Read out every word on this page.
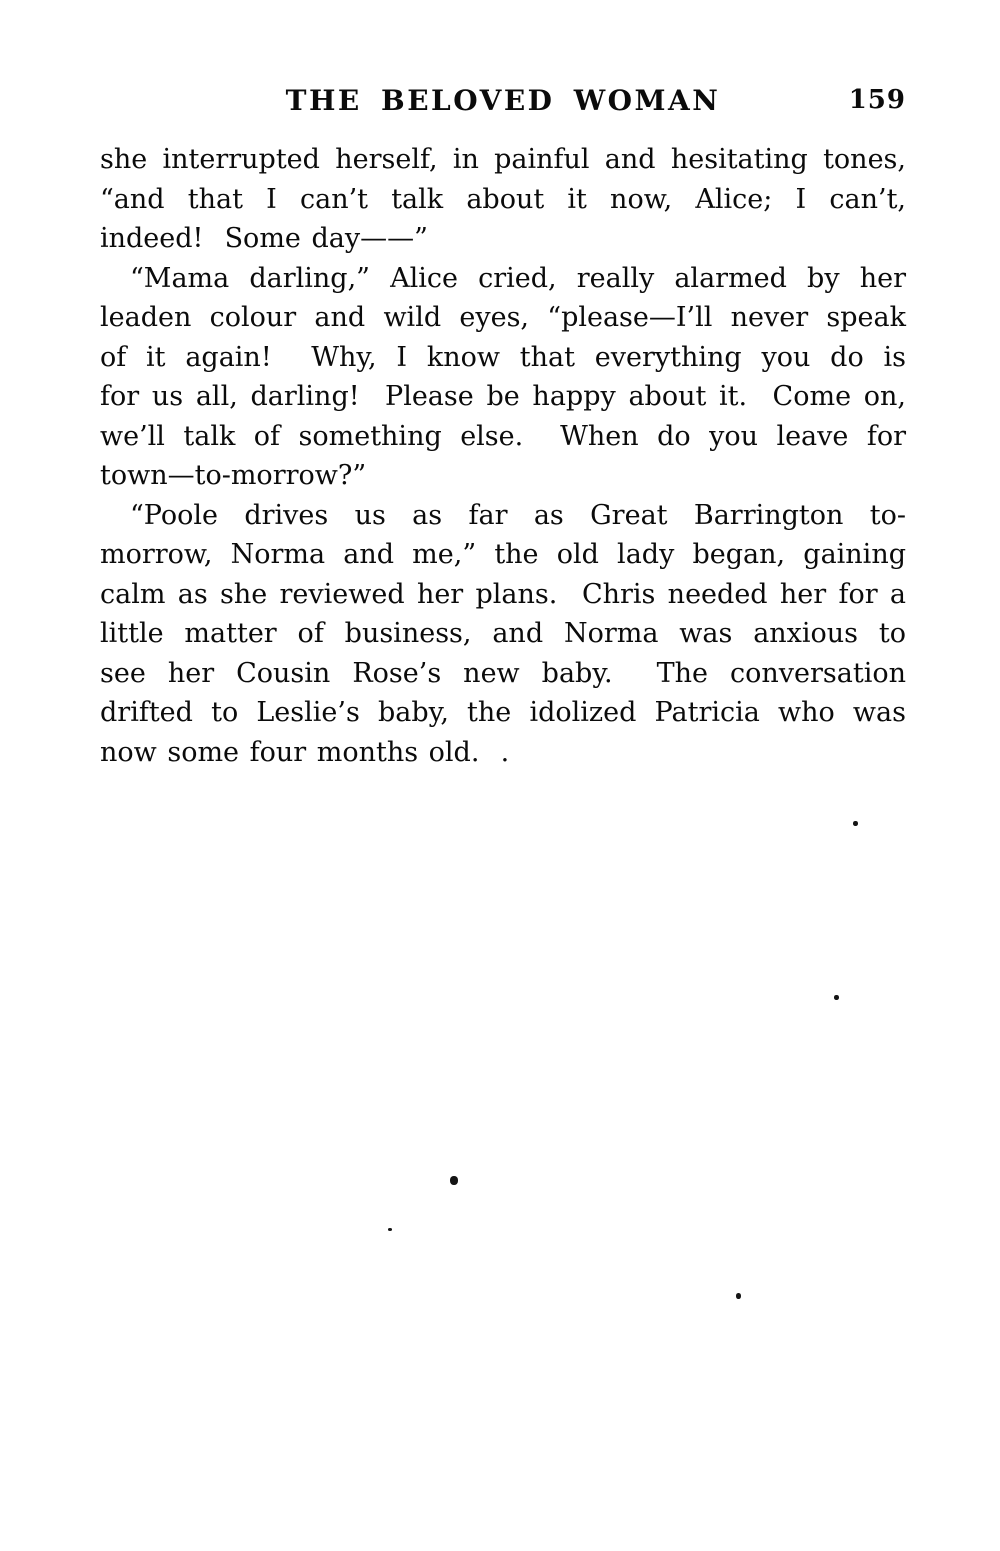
THE BELOVED WOMAN	159
she interrupted herself, in painful and hesitating tones,
“and that I can’t talk about it now, Alice; I can’t,
indeed!  Some day——”
“Mama darling,” Alice cried, really alarmed by her
leaden colour and wild eyes, “please—I’ll never speak
of it again!  Why, I know that everything you do is
for us all, darling!  Please be happy about it.  Come on,
we’ll talk of something else.  When do you leave for
town—to-morrow?”
“Poole drives us as far as Great Barrington to-
morrow, Norma and me,” the old lady began, gaining
calm as she reviewed her plans.  Chris needed her for a
little matter of business, and Norma was anxious to
see her Cousin Rose’s new baby.  The conversation
drifted to Leslie’s baby, the idolized Patricia who was
now some four months old.  .
